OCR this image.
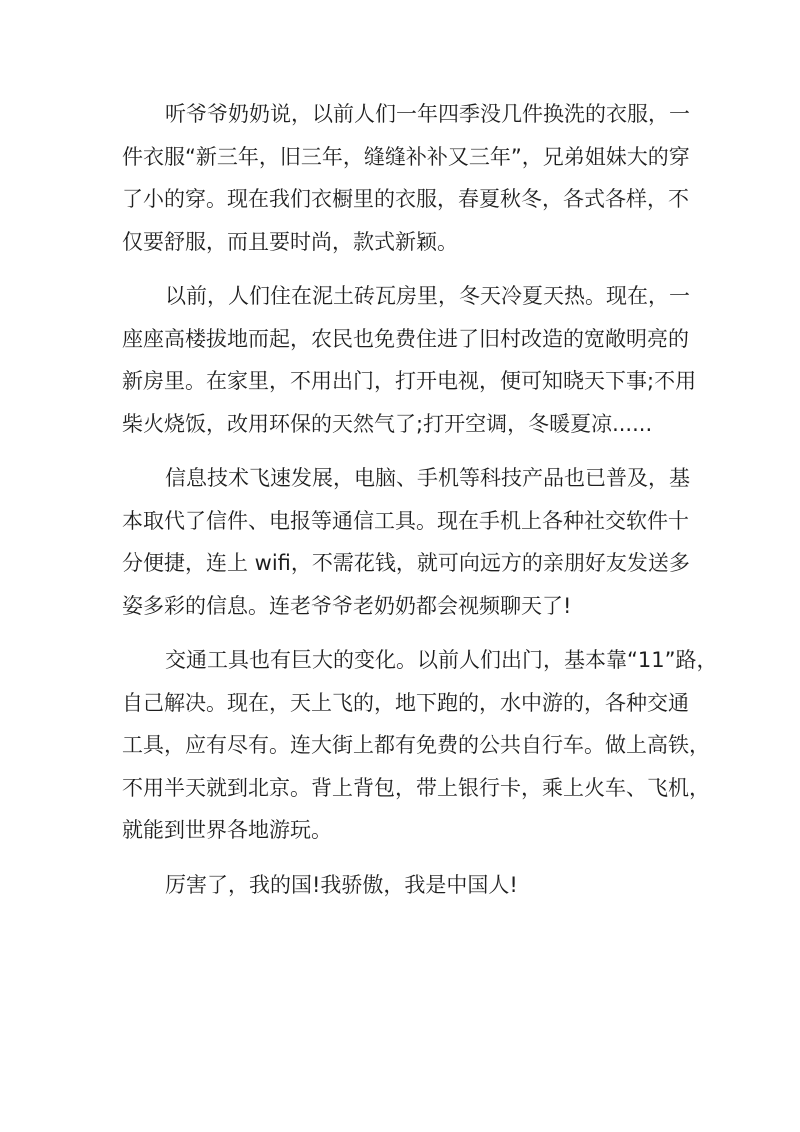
听爷爷奶奶说，以前人们一年四季没几件换洗的衣服，一
件衣服“新三年，旧三年，缝缝补补又三年”，兄弟姐妹大的穿
了小的穿。现在我们衣橱里的衣服，春夏秋冬，各式各样，不
仅要舒服，而且要时尚，款式新颖。
以前，人们住在泥土砖瓦房里，冬天冷夏天热。现在，一
座座高楼拔地而起，农民也免费住进了旧村改造的宽敞明亮的
新房里。在家里，不用出门，打开电视，便可知晓天下事;不用
柴火烧饭，改用环保的天然气了;打开空调，冬暖夏凉......
信息技术飞速发展，电脑、手机等科技产品也已普及，基
本取代了信件、电报等通信工具。现在手机上各种社交软件十
分便捷，连上 wifi，不需花钱，就可向远方的亲朋好友发送多
姿多彩的信息。连老爷爷老奶奶都会视频聊天了!
交通工具也有巨大的变化。以前人们出门，基本靠“11”路，
自己解决。现在，天上飞的，地下跑的，水中游的，各种交通
工具，应有尽有。连大街上都有免费的公共自行车。做上高铁，
不用半天就到北京。背上背包，带上银行卡，乘上火车、飞机，
就能到世界各地游玩。
厉害了，我的国!我骄傲，我是中国人!
